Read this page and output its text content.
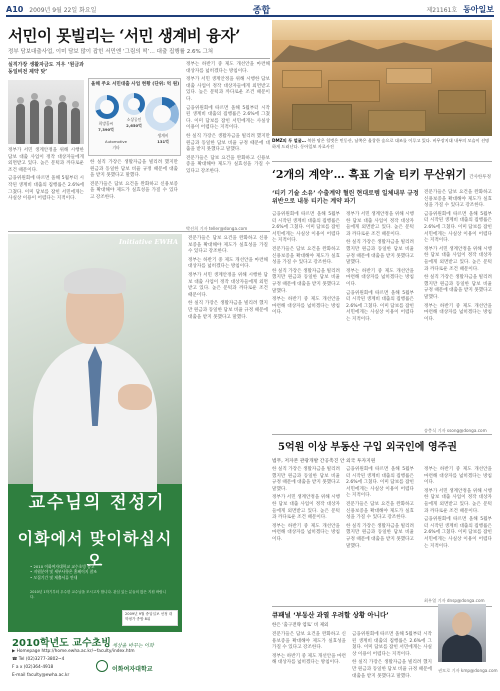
A10 2009년 9월 22일 화요일	종합	제21161호 동아일보
서민이 못빌리는 ‘서민 생계비 융자’
정부 담보대출사업, 이미 담보 많이 잡힌 서민엔 ‘그림의 떡’… 대출 집행률 2.6% 그쳐
실직가장 생활자금도 겨우 ‘원금과 동일비전 제약 탓’
올해 주요 서민대출 사업 현황 (단위: 억 원)
희망홀씨
7,390억
소상공인
2,650억
생계비
131억
Automotive
기타
정부가 서민 생계안정을 위해 시행한 담보 대출 사업이 정작 대상자들에게 외면받고 있다. 높은 문턱과 까다로운 조건 때문이다.
금융위원회에 따르면 올해 5월부터 시작된 생계비 대출의 집행률은 2.6%에 그쳤다. 이미 담보를 잡힌 서민에게는 사실상 이용이 어렵다는 지적이다.
한 실직 가장은 생활자금을 빌리려 했지만 원금과 동일한 담보 비율 규정 때문에 대출을 받지 못했다고 말했다.
전문가들은 담보 요건을 완화하고 신용보증을 확대해야 제도가 실효성을 가질 수 있다고 강조한다.
정부는 하반기 중 제도 개선안을 마련해 대상자를 넓히겠다는 방침이다.
정부가 서민 생계안정을 위해 시행한 담보 대출 사업이 정작 대상자들에게 외면받고 있다. 높은 문턱과 까다로운 조건 때문이다.
금융위원회에 따르면 올해 5월부터 시작된 생계비 대출의 집행률은 2.6%에 그쳤다. 이미 담보를 잡힌 서민에게는 사실상 이용이 어렵다는 지적이다.
한 실직 가장은 생활자금을 빌리려 했지만 원금과 동일한 담보 비율 규정 때문에 대출을 받지 못했다고 말했다.
전문가들은 담보 요건을 완화하고 신용보증을 확대해야 제도가 실효성을 가질 수 있다고 강조한다.
박선희 기자 teller@donga.com
Initiative EWHA
교수님의 전성기
이화에서 맞이하십시오
• 2010 이화여자대학교 교수초빙 공고
• 지원분야 및 세부사항은 홈페이지 참조
• 모집기간 및 제출서류 안내
2010년 1학기부터 우수한 교수님을 모시고자 합니다. 관심 있는 분들의 많은 지원 바랍니다.
2009년 9월 중앙일보 선정 대학평가 종합 8위
2010학년도 교수초빙
▶ Homepage http://home.ewha.ac.kr/~faculty/index.htm
☎ Tel (02)3277-3802~4
F a x (02)364-4918
E-mail faculty@ewha.ac.kr
세상을 바꾸는 이화
이화여자대학교
전문가들은 담보 요건을 완화하고 신용보증을 확대해야 제도가 실효성을 가질 수 있다고 강조한다.
정부는 하반기 중 제도 개선안을 마련해 대상자를 넓히겠다는 방침이다.
정부가 서민 생계안정을 위해 시행한 담보 대출 사업이 정작 대상자들에게 외면받고 있다. 높은 문턱과 까다로운 조건 때문이다.
한 실직 가장은 생활자금을 빌리려 했지만 원금과 동일한 담보 비율 규정 때문에 대출을 받지 못했다고 말했다.
DMZ의 두 얼굴… 북한 땅은 헐벗은 민둥산, 남쪽은 울창한 숲으로 대조를 이루고 있다. 비무장지대 내부의 모습이 선명하게 드러난다. 동아일보 자료사진
‘2개의 계약’… 흑표 기술 티키 무산위기 간사한투정
‘티키 기술 소유’ 수출계약 혈린 현대로템 일체내부 규정위반으로 내동 티키는 계약 파기
금융위원회에 따르면 올해 5월부터 시작된 생계비 대출의 집행률은 2.6%에 그쳤다. 이미 담보를 잡힌 서민에게는 사실상 이용이 어렵다는 지적이다.
전문가들은 담보 요건을 완화하고 신용보증을 확대해야 제도가 실효성을 가질 수 있다고 강조한다.
한 실직 가장은 생활자금을 빌리려 했지만 원금과 동일한 담보 비율 규정 때문에 대출을 받지 못했다고 말했다.
정부는 하반기 중 제도 개선안을 마련해 대상자를 넓히겠다는 방침이다.
정부가 서민 생계안정을 위해 시행한 담보 대출 사업이 정작 대상자들에게 외면받고 있다. 높은 문턱과 까다로운 조건 때문이다.
한 실직 가장은 생활자금을 빌리려 했지만 원금과 동일한 담보 비율 규정 때문에 대출을 받지 못했다고 말했다.
정부는 하반기 중 제도 개선안을 마련해 대상자를 넓히겠다는 방침이다.
금융위원회에 따르면 올해 5월부터 시작된 생계비 대출의 집행률은 2.6%에 그쳤다. 이미 담보를 잡힌 서민에게는 사실상 이용이 어렵다는 지적이다.
전문가들은 담보 요건을 완화하고 신용보증을 확대해야 제도가 실효성을 가질 수 있다고 강조한다.
금융위원회에 따르면 올해 5월부터 시작된 생계비 대출의 집행률은 2.6%에 그쳤다. 이미 담보를 잡힌 서민에게는 사실상 이용이 어렵다는 지적이다.
정부가 서민 생계안정을 위해 시행한 담보 대출 사업이 정작 대상자들에게 외면받고 있다. 높은 문턱과 까다로운 조건 때문이다.
한 실직 가장은 생활자금을 빌리려 했지만 원금과 동일한 담보 비율 규정 때문에 대출을 받지 못했다고 말했다.
정부는 하반기 중 제도 개선안을 마련해 대상자를 넓히겠다는 방침이다.
송충식 기자 ssong@donga.com
5억원 이상 부동산 구입 외국인에 영주권
법무, 저자본 관광개발 간공촉진 안 외국 투자지원
한 실직 가장은 생활자금을 빌리려 했지만 원금과 동일한 담보 비율 규정 때문에 대출을 받지 못했다고 말했다.
정부가 서민 생계안정을 위해 시행한 담보 대출 사업이 정작 대상자들에게 외면받고 있다. 높은 문턱과 까다로운 조건 때문이다.
정부는 하반기 중 제도 개선안을 마련해 대상자를 넓히겠다는 방침이다.
금융위원회에 따르면 올해 5월부터 시작된 생계비 대출의 집행률은 2.6%에 그쳤다. 이미 담보를 잡힌 서민에게는 사실상 이용이 어렵다는 지적이다.
전문가들은 담보 요건을 완화하고 신용보증을 확대해야 제도가 실효성을 가질 수 있다고 강조한다.
한 실직 가장은 생활자금을 빌리려 했지만 원금과 동일한 담보 비율 규정 때문에 대출을 받지 못했다고 말했다.
정부는 하반기 중 제도 개선안을 마련해 대상자를 넓히겠다는 방침이다.
정부가 서민 생계안정을 위해 시행한 담보 대출 사업이 정작 대상자들에게 외면받고 있다. 높은 문턱과 까다로운 조건 때문이다.
금융위원회에 따르면 올해 5월부터 시작된 생계비 대출의 집행률은 2.6%에 그쳤다. 이미 담보를 잡힌 서민에게는 사실상 이용이 어렵다는 지적이다.
최우열 기자 dnsp@donga.com
큐패널 ‘부동산 과열 우려할 상황 아니다’
한은 ‘출구전략 염토’ 비 제외
전문가들은 담보 요건을 완화하고 신용보증을 확대해야 제도가 실효성을 가질 수 있다고 강조한다.
정부는 하반기 중 제도 개선안을 마련해 대상자를 넓히겠다는 방침이다.
금융위원회에 따르면 올해 5월부터 시작된 생계비 대출의 집행률은 2.6%에 그쳤다. 이미 담보를 잡힌 서민에게는 사실상 이용이 어렵다는 지적이다.
한 실직 가장은 생활자금을 빌리려 했지만 원금과 동일한 담보 비율 규정 때문에 대출을 받지 못했다고 말했다.
권모로 기자 kmp@donga.com
